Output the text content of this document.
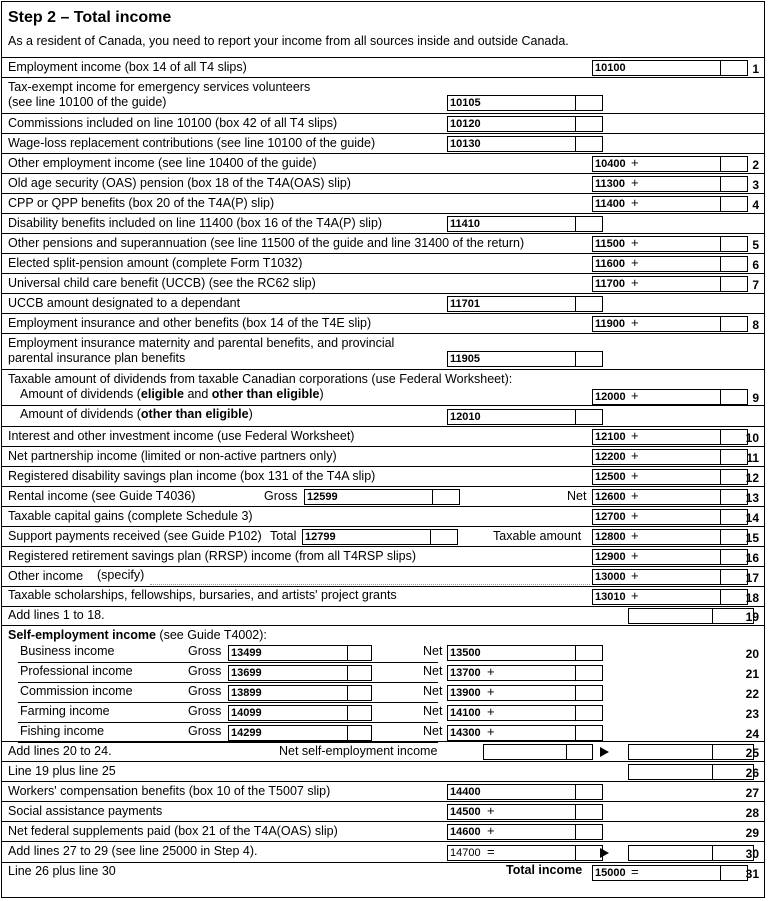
Step 2 – Total income
As a resident of Canada, you need to report your income from all sources inside and outside Canada.
Employment income (box 14 of all T4 slips)	10100	1
Tax-exempt income for emergency services volunteers
(see line 10100 of the guide)	10105
Commissions included on line 10100 (box 42 of all T4 slips)	10120
Wage-loss replacement contributions (see line 10100 of the guide)	10130
Other employment income (see line 10400 of the guide)	10400 +	2
Old age security (OAS) pension (box 18 of the T4A(OAS) slip)	11300 +	3
CPP or QPP benefits (box 20 of the T4A(P) slip)	11400 +	4
Disability benefits included on line 11400 (box 16 of the T4A(P) slip)	11410
Other pensions and superannuation (see line 11500 of the guide and line 31400 of the return)	11500 +	5
Elected split-pension amount (complete Form T1032)	11600 +	6
Universal child care benefit (UCCB) (see the RC62 slip)	11700 +	7
UCCB amount designated to a dependant	11701
Employment insurance and other benefits (box 14 of the T4E slip)	11900 +	8
Employment insurance maternity and parental benefits, and provincial
parental insurance plan benefits	11905
Taxable amount of dividends from taxable Canadian corporations (use Federal Worksheet):
Amount of dividends (eligible and other than eligible)	12000 +	9
Amount of dividends (other than eligible)	12010
Interest and other investment income (use Federal Worksheet)	12100 +	10
Net partnership income (limited or non-active partners only)	12200 +	11
Registered disability savings plan income (box 131 of the T4A slip)	12500 +	12
Rental income (see Guide T4036)	Gross 12599	Net 12600 +	13
Taxable capital gains (complete Schedule 3)	12700 +	14
Support payments received (see Guide P102) Total 12799	Taxable amount 12800 +	15
Registered retirement savings plan (RRSP) income (from all T4RSP slips)	12900 +	16
Other income (specify)	13000 +	17
Taxable scholarships, fellowships, bursaries, and artists' project grants	13010 +	18
Add lines 1 to 18.	19
Self-employment income (see Guide T4002):
Business income	Gross 13499	Net 13500	20
Professional income	Gross 13699	Net 13700 +	21
Commission income	Gross 13899	Net 13900 +	22
Farming income	Gross 14099	Net 14100 +	23
Fishing income	Gross 14299	Net 14300 +	24
Add lines 20 to 24.	Net self-employment income	25
Line 19 plus line 25	26
Workers' compensation benefits (box 10 of the T5007 slip)	14400	27
Social assistance payments	14500 +	28
Net federal supplements paid (box 21 of the T4A(OAS) slip)	14600 +	29
Add lines 27 to 29 (see line 25000 in Step 4).	14700 =	30
Line 26 plus line 30	Total income 15000 =	31
